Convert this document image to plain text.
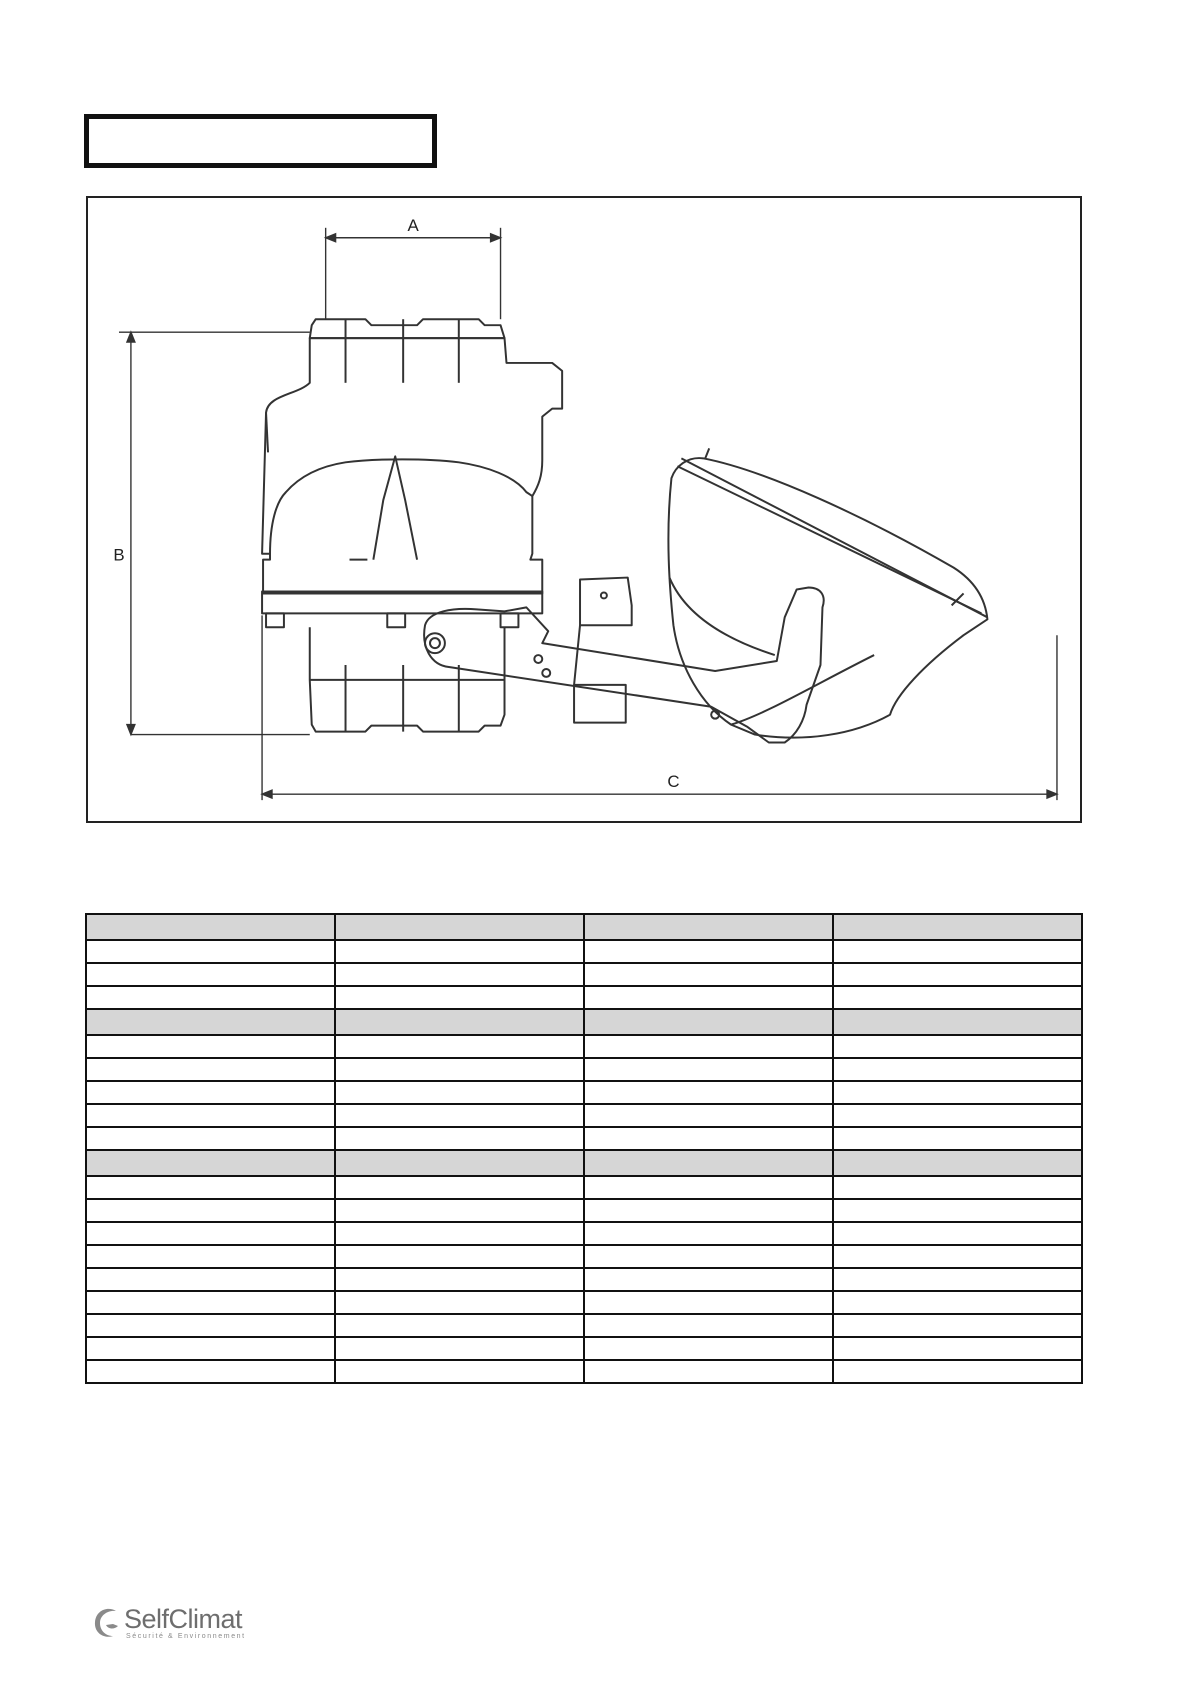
A
B
C

SelfClimat
Sécurité & Environnement
